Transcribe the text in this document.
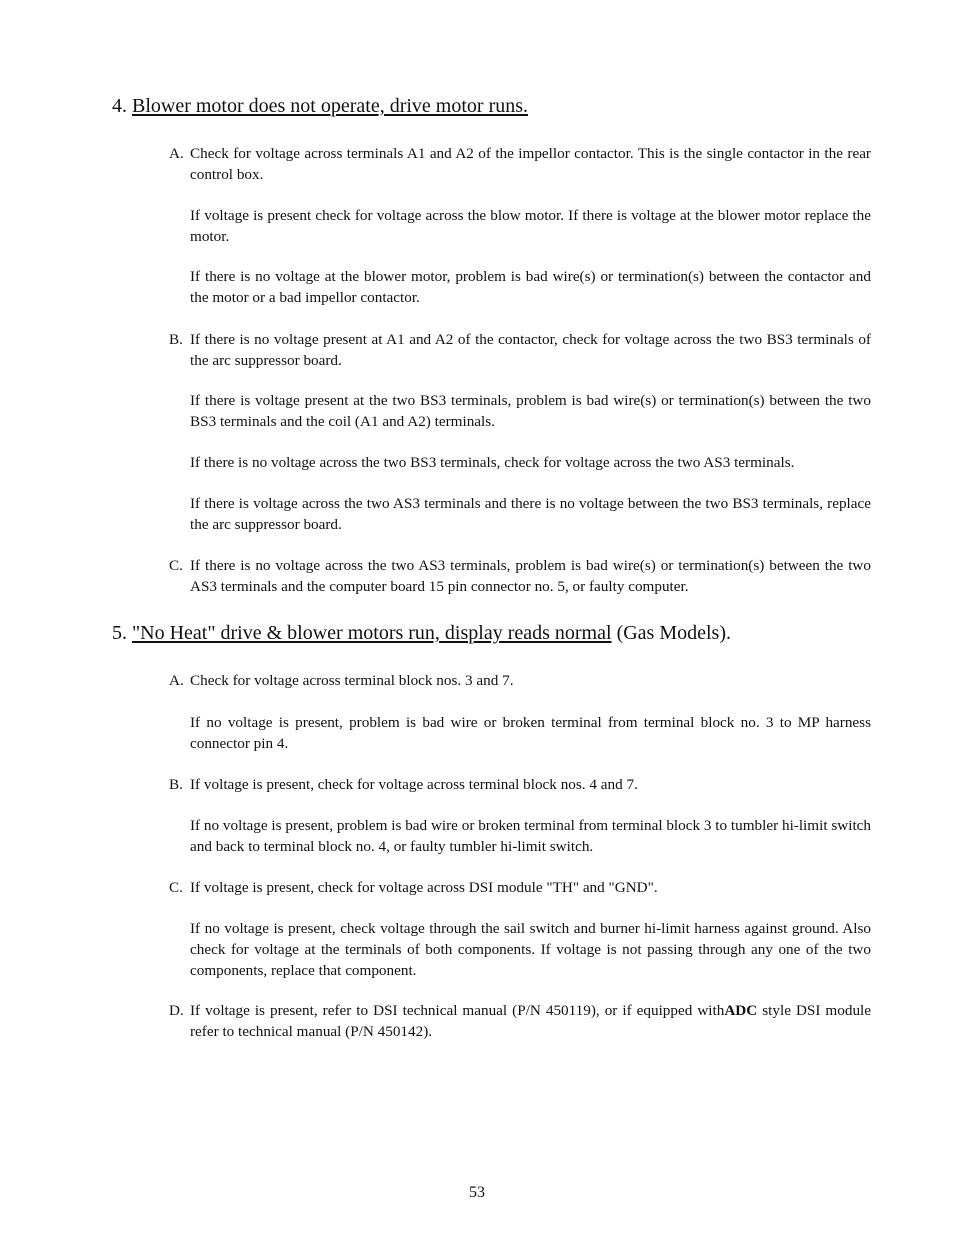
4. Blower motor does not operate, drive motor runs.
A. Check for voltage across terminals A1 and A2 of the impellor contactor. This is the single contactor in the rear control box.
If voltage is present check for voltage across the blow motor. If there is voltage at the blower motor replace the motor.
If there is no voltage at the blower motor, problem is bad wire(s) or termination(s) between the contactor and the motor or a bad impellor contactor.
B. If there is no voltage present at A1 and A2 of the contactor, check for voltage across the two BS3 terminals of the arc suppressor board.
If there is voltage present at the two BS3 terminals, problem is bad wire(s) or termination(s) between the two BS3 terminals and the coil (A1 and A2) terminals.
If there is no voltage across the two BS3 terminals, check for voltage across the two AS3 terminals.
If there is voltage across the two AS3 terminals and there is no voltage between the two BS3 terminals, replace the arc suppressor board.
C. If there is no voltage across the two AS3 terminals, problem is bad wire(s) or termination(s) between the two AS3 terminals and the computer board 15 pin connector no. 5, or faulty computer.
5. "No Heat" drive & blower motors run, display reads normal (Gas Models).
A. Check for voltage across terminal block nos. 3 and 7.
If no voltage is present, problem is bad wire or broken terminal from terminal block no. 3 to MP harness connector pin 4.
B. If voltage is present, check for voltage across terminal block nos. 4 and 7.
If no voltage is present, problem is bad wire or broken terminal from terminal block 3 to tumbler hi-limit switch and back to terminal block no. 4, or faulty tumbler hi-limit switch.
C. If voltage is present, check for voltage across DSI module "TH" and "GND".
If no voltage is present, check voltage through the sail switch and burner hi-limit harness against ground. Also check for voltage at the terminals of both components. If voltage is not passing through any one of the two components, replace that component.
D. If voltage is present, refer to DSI technical manual (P/N 450119), or if equipped withADC style DSI module refer to technical manual (P/N 450142).
53
